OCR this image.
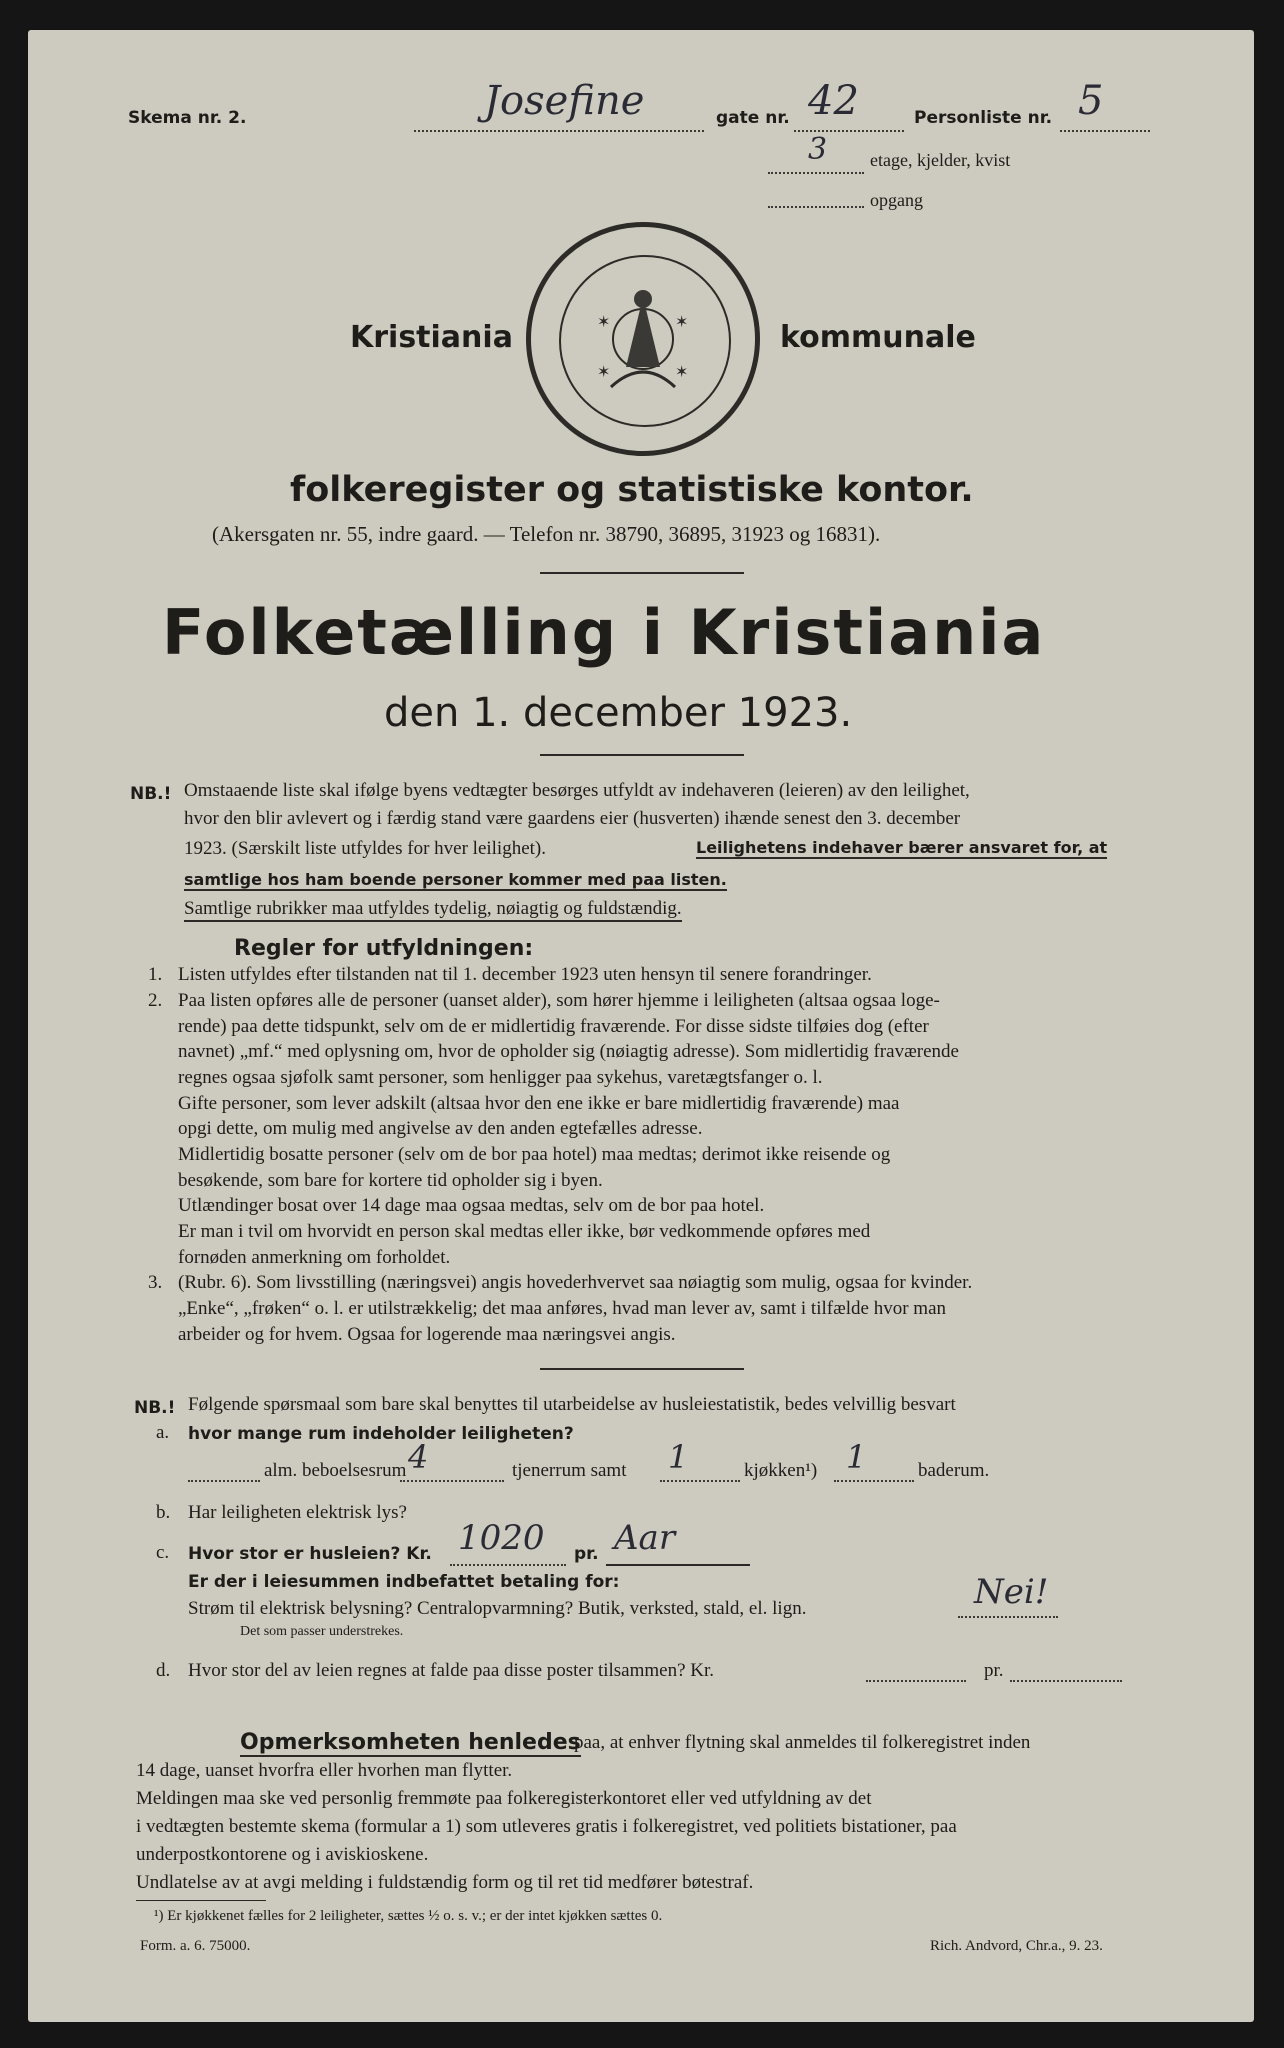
Skema nr. 2.	Josefine	gate nr. 42	Personliste nr. 5
3 etage, kjelder, kvist
opgang
Kristiania	✶	✶
✶	✶
kommunale
folkeregister og statistiske kontor.
(Akersgaten nr. 55, indre gaard. — Telefon nr. 38790, 36895, 31923 og 16831).
Folketælling i Kristiania
den 1. december 1923.
NB.! Omstaaende liste skal ifølge byens vedtægter besørges utfyldt av indehaveren (leieren) av den leilighet,
hvor den blir avlevert og i færdig stand være gaardens eier (husverten) ihænde senest den 3. december
1923. (Særskilt liste utfyldes for hver leilighet).	Leilighetens indehaver bærer ansvaret for, at
samtlige hos ham boende personer kommer med paa listen.
Samtlige rubrikker maa utfyldes tydelig, nøiagtig og fuldstændig.
Regler for utfyldningen:
1. Listen utfyldes efter tilstanden nat til 1. december 1923 uten hensyn til senere forandringer.
2. Paa listen opføres alle de personer (uanset alder), som hører hjemme i leiligheten (altsaa ogsaa loge-
rende) paa dette tidspunkt, selv om de er midlertidig fraværende. For disse sidste tilføies dog (efter
navnet) „mf.“ med oplysning om, hvor de opholder sig (nøiagtig adresse). Som midlertidig fraværende
regnes ogsaa sjøfolk samt personer, som henligger paa sykehus, varetægtsfanger o. l.
Gifte personer, som lever adskilt (altsaa hvor den ene ikke er bare midlertidig fraværende) maa
opgi dette, om mulig med angivelse av den anden egtefælles adresse.
Midlertidig bosatte personer (selv om de bor paa hotel) maa medtas; derimot ikke reisende og
besøkende, som bare for kortere tid opholder sig i byen.
Utlændinger bosat over 14 dage maa ogsaa medtas, selv om de bor paa hotel.
Er man i tvil om hvorvidt en person skal medtas eller ikke, bør vedkommende opføres med
fornøden anmerkning om forholdet.
3. (Rubr. 6). Som livsstilling (næringsvei) angis hovederhvervet saa nøiagtig som mulig, ogsaa for kvinder.
„Enke“, „frøken“ o. l. er utilstrækkelig; det maa anføres, hvad man lever av, samt i tilfælde hvor man
arbeider og for hvem. Ogsaa for logerende maa næringsvei angis.
NB.! Følgende spørsmaal som bare skal benyttes til utarbeidelse av husleiestatistik, bedes velvillig besvart
a. hvor mange rum indeholder leiligheten?
alm. beboelsesrum 4	tjenerrum samt 1	kjøkken¹) 1	baderum.
b. Har leiligheten elektrisk lys?
c. Hvor stor er husleien? Kr. 1020 pr. Aar
Er der i leiesummen indbefattet betaling for:
Strøm til elektrisk belysning? Centralopvarmning? Butik, verksted, stald, el. lign.	Nei!
Det som passer understrekes.
d. Hvor stor del av leien regnes at falde paa disse poster tilsammen? Kr.	pr.
Opmerksomheten henledes
paa, at enhver flytning skal anmeldes til folkeregistret inden
14 dage, uanset hvorfra eller hvorhen man flytter.
Meldingen maa ske ved personlig fremmøte paa folkeregisterkontoret eller ved utfyldning av det
i vedtægten bestemte skema (formular a 1) som utleveres gratis i folkeregistret, ved politiets bistationer, paa
underpostkontorene og i aviskioskene.
Undlatelse av at avgi melding i fuldstændig form og til ret tid medfører bøtestraf.
¹) Er kjøkkenet fælles for 2 leiligheter, sættes ½ o. s. v.; er der intet kjøkken sættes 0.
Form. a. 6. 75000.	Rich. Andvord, Chr.a., 9. 23.
